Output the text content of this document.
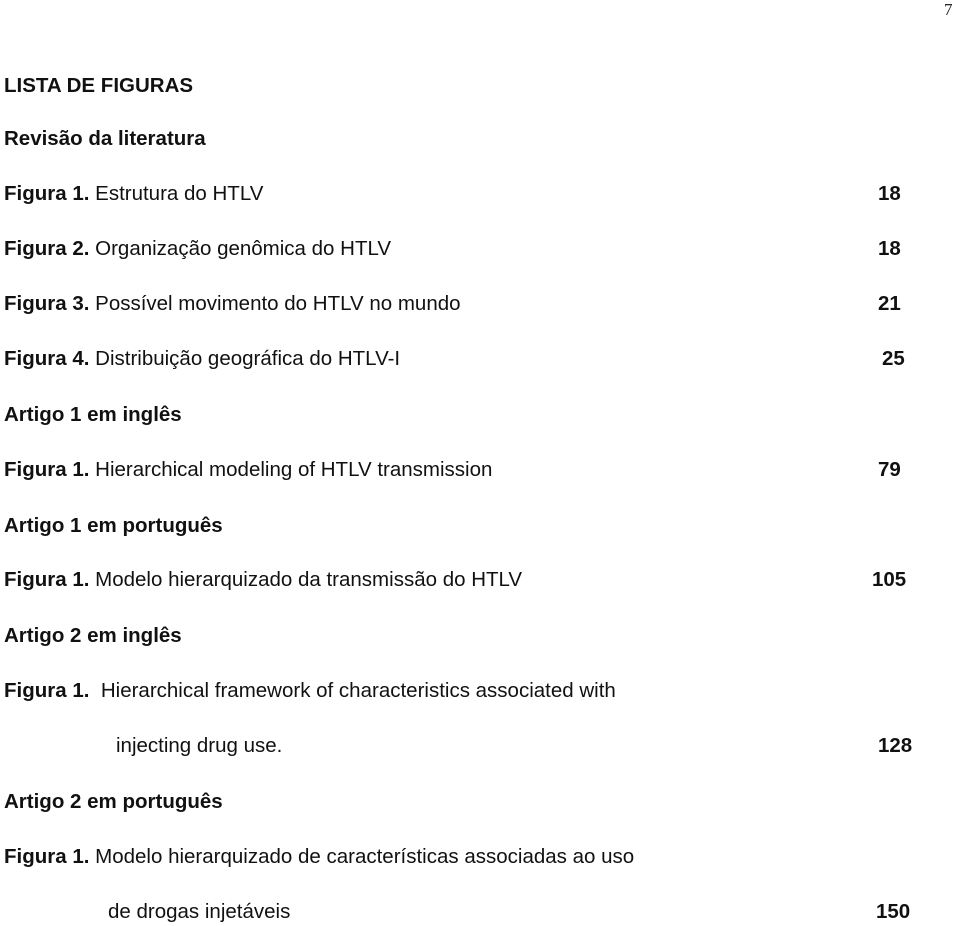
7
LISTA DE FIGURAS
Revisão da literatura
Figura 1. Estrutura do HTLV	18
Figura 2. Organização genômica do HTLV	18
Figura 3. Possível movimento do HTLV no mundo	21
Figura 4. Distribuição geográfica do HTLV-I	25
Artigo 1 em inglês
Figura 1. Hierarchical modeling of HTLV transmission	79
Artigo 1 em português
Figura 1. Modelo hierarquizado da transmissão do HTLV	105
Artigo 2 em inglês
Figura 1. Hierarchical framework of characteristics associated with
injecting drug use.	128
Artigo 2 em português
Figura 1. Modelo hierarquizado de características associadas ao uso
de drogas injetáveis	150
